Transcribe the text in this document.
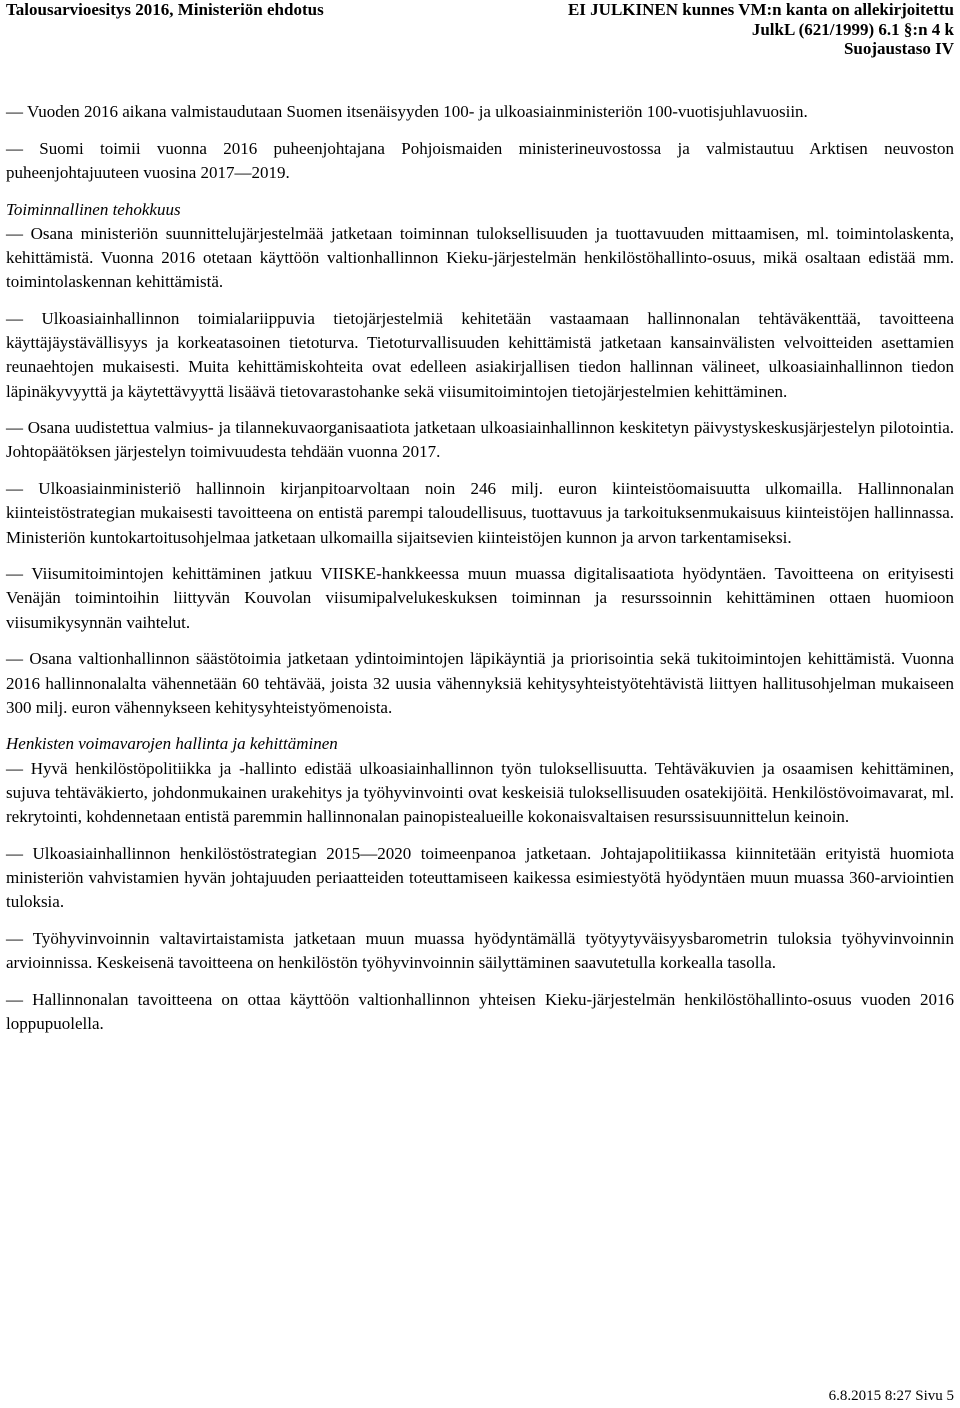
Talousarvioesitys 2016, Ministeriön ehdotus	EI JULKINEN kunnes VM:n kanta on allekirjoitettu
JulkL (621/1999) 6.1 §:n 4 k
Suojaustaso IV

— Vuoden 2016 aikana valmistaudutaan Suomen itsenäisyyden 100- ja ulkoasiainministeriön 100-vuotisjuhlavuosiin.

— Suomi toimii vuonna 2016 puheenjohtajana Pohjoismaiden ministerineuvostossa ja valmistautuu Arktisen neuvoston puheenjohtajuuteen vuosina 2017—2019.

Toiminnallinen tehokkuus

— Osana ministeriön suunnittelujärjestelmää jatketaan toiminnan tuloksellisuuden ja tuottavuuden mittaamisen, ml. toimintolaskenta, kehittämistä. Vuonna 2016 otetaan käyttöön valtionhallinnon Kieku-järjestelmän henkilöstöhallinto-osuus, mikä osaltaan edistää mm. toimintolaskennan kehittämistä.

— Ulkoasiainhallinnon toimialariippuvia tietojärjestelmiä kehitetään vastaamaan hallinnonalan tehtäväkenttää, tavoitteena käyttäjäystävällisyys ja korkeatasoinen tietoturva. Tietoturvallisuuden kehittämistä jatketaan kansainvälisten velvoitteiden asettamien reunaehtojen mukaisesti. Muita kehittämiskohteita ovat edelleen asiakirjallisen tiedon hallinnan välineet, ulkoasiainhallinnon tiedon läpinäkyvyyttä ja käytettävyyttä lisäävä tietovarastohanke sekä viisumitoimintojen tietojärjestelmien kehittäminen.

— Osana uudistettua valmius- ja tilannekuvaorganisaatiota jatketaan ulkoasiainhallinnon keskitetyn päivystyskeskusjärjestelyn pilotointia. Johtopäätöksen järjestelyn toimivuudesta tehdään vuonna 2017.

— Ulkoasiainministeriö hallinnoin kirjanpitoarvoltaan noin 246 milj. euron kiinteistöomaisuutta ulkomailla. Hallinnonalan kiinteistöstrategian mukaisesti tavoitteena on entistä parempi taloudellisuus, tuottavuus ja tarkoituksenmukaisuus kiinteistöjen hallinnassa. Ministeriön kuntokartoitusohjelmaa jatketaan ulkomailla sijaitsevien kiinteistöjen kunnon ja arvon tarkentamiseksi.

— Viisumitoimintojen kehittäminen jatkuu VIISKE-hankkeessa muun muassa digitalisaatiota hyödyntäen. Tavoitteena on erityisesti Venäjän toimintoihin liittyvän Kouvolan viisumipalvelukeskuksen toiminnan ja resurssoinnin kehittäminen ottaen huomioon viisumikysynnän vaihtelut.

— Osana valtionhallinnon säästötoimia jatketaan ydintoimintojen läpikäyntiä ja priorisointia sekä tukitoimintojen kehittämistä. Vuonna 2016 hallinnonalalta vähennetään 60 tehtävää, joista 32 uusia vähennyksiä kehitysyhteistyötehtävistä liittyen hallitusohjelman mukaiseen 300 milj. euron vähennykseen kehitysyhteistyömenoista.

Henkisten voimavarojen hallinta ja kehittäminen

— Hyvä henkilöstöpolitiikka ja -hallinto edistää ulkoasiainhallinnon työn tuloksellisuutta. Tehtäväkuvien ja osaamisen kehittäminen, sujuva tehtäväkierto, johdonmukainen urakehitys ja työhyvinvointi ovat keskeisiä tuloksellisuuden osatekijöitä. Henkilöstövoimavarat, ml. rekrytointi, kohdennetaan entistä paremmin hallinnonalan painopistealueille kokonaisvaltaisen resurssisuunnittelun keinoin.

— Ulkoasiainhallinnon henkilöstöstrategian 2015—2020 toimeenpanoa jatketaan. Johtajapolitiikassa kiinnitetään erityistä huomiota ministeriön vahvistamien hyvän johtajuuden periaatteiden toteuttamiseen kaikessa esimiestyötä hyödyntäen muun muassa 360-arviointien tuloksia.

— Työhyvinvoinnin valtavirtaistamista jatketaan muun muassa hyödyntämällä työtyytyväisyysbarometrin tuloksia työhyvinvoinnin arvioinnissa. Keskeisenä tavoitteena on henkilöstön työhyvinvoinnin säilyttäminen saavutetulla korkealla tasolla.

— Hallinnonalan tavoitteena on ottaa käyttöön valtionhallinnon yhteisen Kieku-järjestelmän henkilöstöhallinto-osuus vuoden 2016 loppupuolella.

6.8.2015 8:27 Sivu 5
